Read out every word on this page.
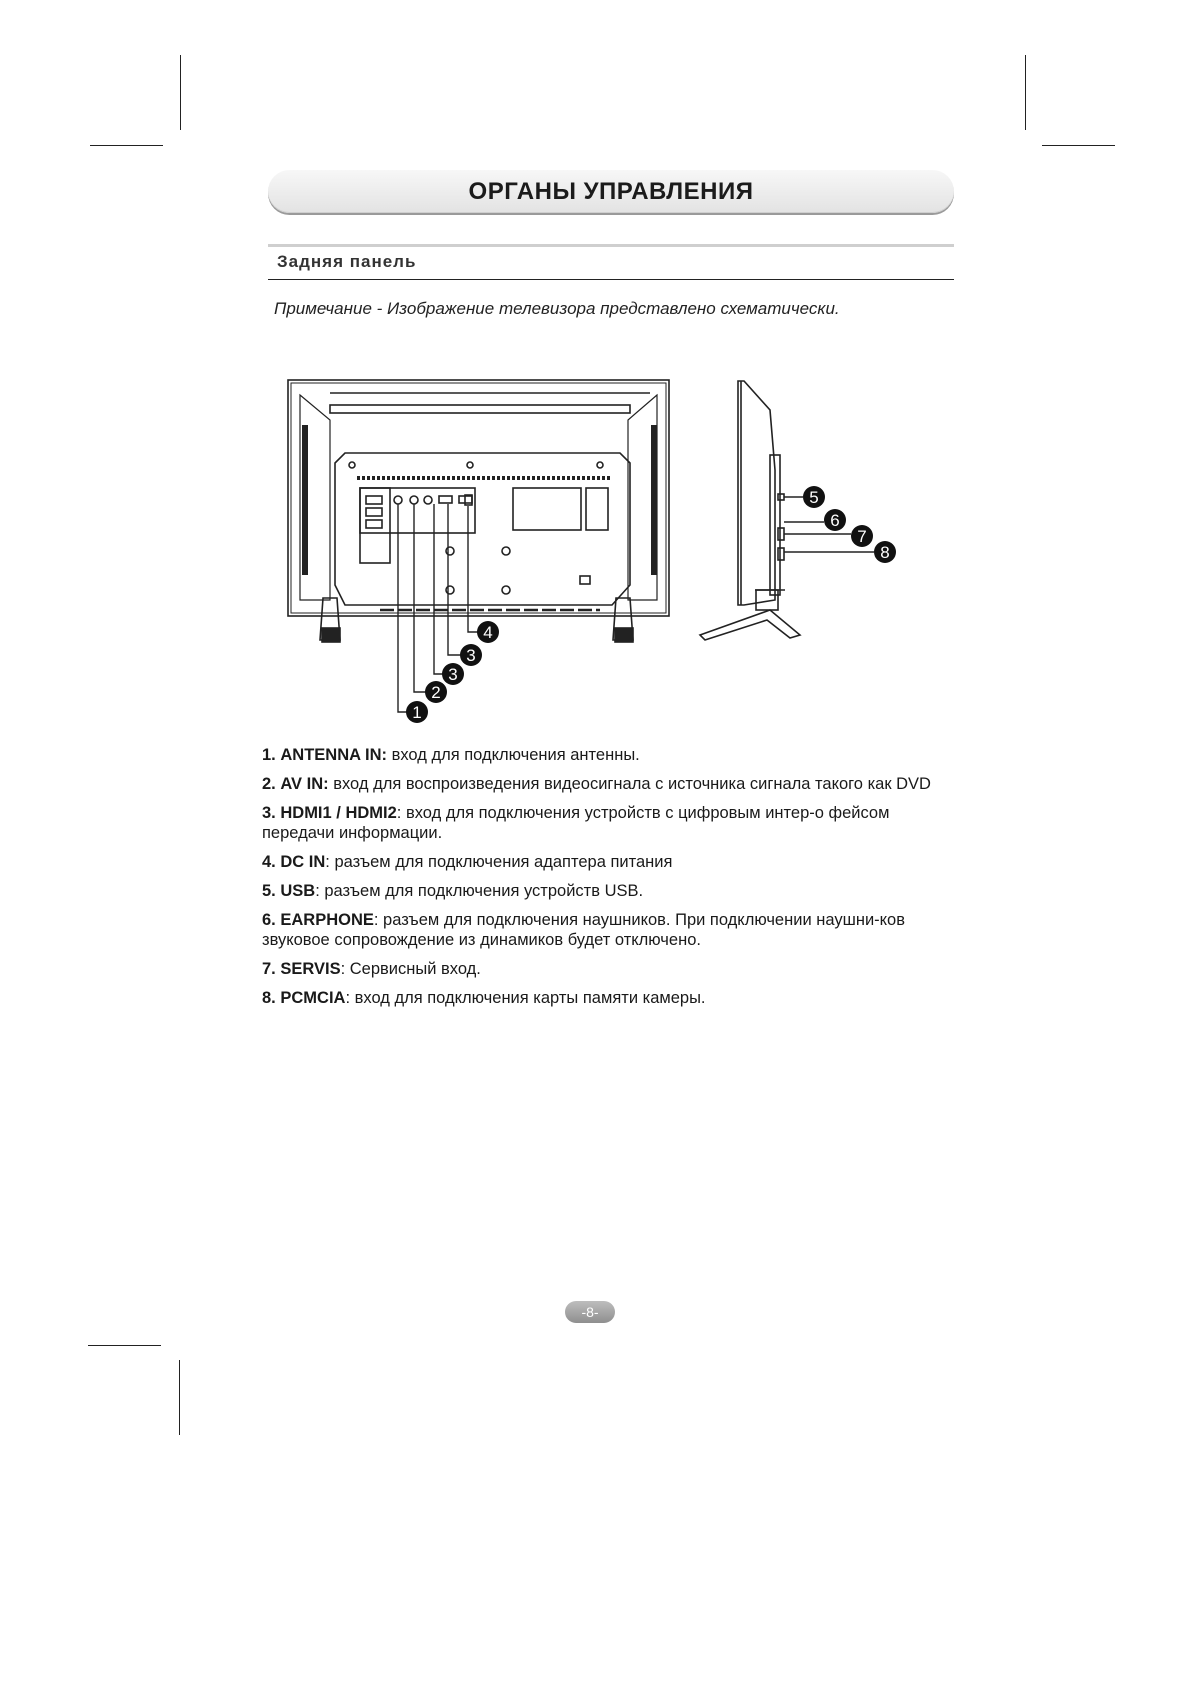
ОРГАНЫ УПРАВЛЕНИЯ
Задняя панель
Примечание - Изображение телевизора представлено схематически.
1
2
3
3
4
5
6
7
8
1. ANTENNA IN: вход для подключения антенны.
2. AV IN: вход для воспроизведения видеосигнала с источника сигнала такого как DVD
3. HDMI1 / HDMI2: вход для подключения устройств с цифровым интер-о фейсом передачи информации.
4. DC IN: разъем для подключения адаптера питания
5. USB: разъем для подключения устройств USB.
6. EARPHONE: разъем для подключения наушников. При подключении наушни-ков звуковое сопровождение из динамиков будет отключено.
7. SERVIS: Сервисный вход.
8. PCMCIA: вход для подключения карты памяти камеры.
-8-
